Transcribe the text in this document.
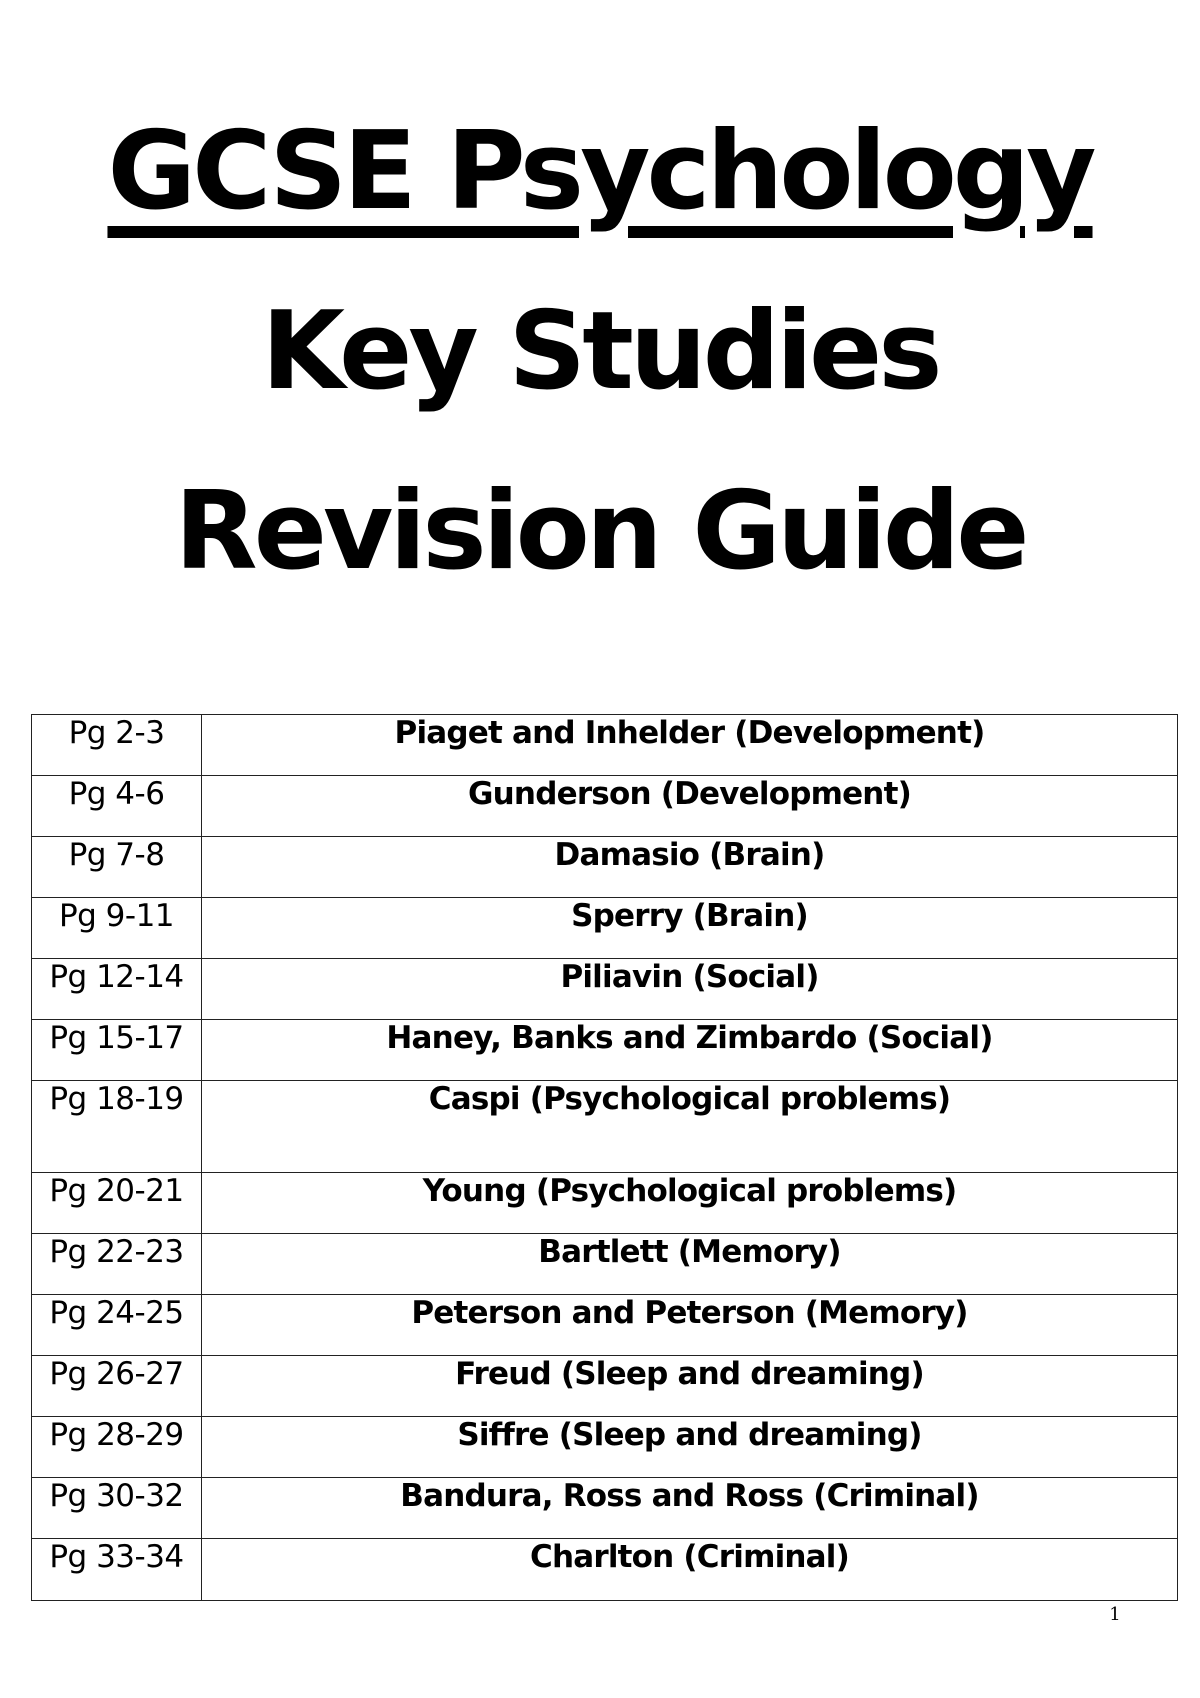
GCSE Psychology
Key Studies
Revision Guide
Pg 2-3	Piaget and Inhelder (Development)
Pg 4-6	Gunderson (Development)
Pg 7-8	Damasio (Brain)
Pg 9-11	Sperry (Brain)
Pg 12-14	Piliavin (Social)
Pg 15-17	Haney, Banks and Zimbardo (Social)
Pg 18-19	Caspi (Psychological problems)
Pg 20-21	Young (Psychological problems)
Pg 22-23	Bartlett (Memory)
Pg 24-25	Peterson and Peterson (Memory)
Pg 26-27	Freud (Sleep and dreaming)
Pg 28-29	Siffre (Sleep and dreaming)
Pg 30-32	Bandura, Ross and Ross (Criminal)
Pg 33-34	Charlton (Criminal)
1
